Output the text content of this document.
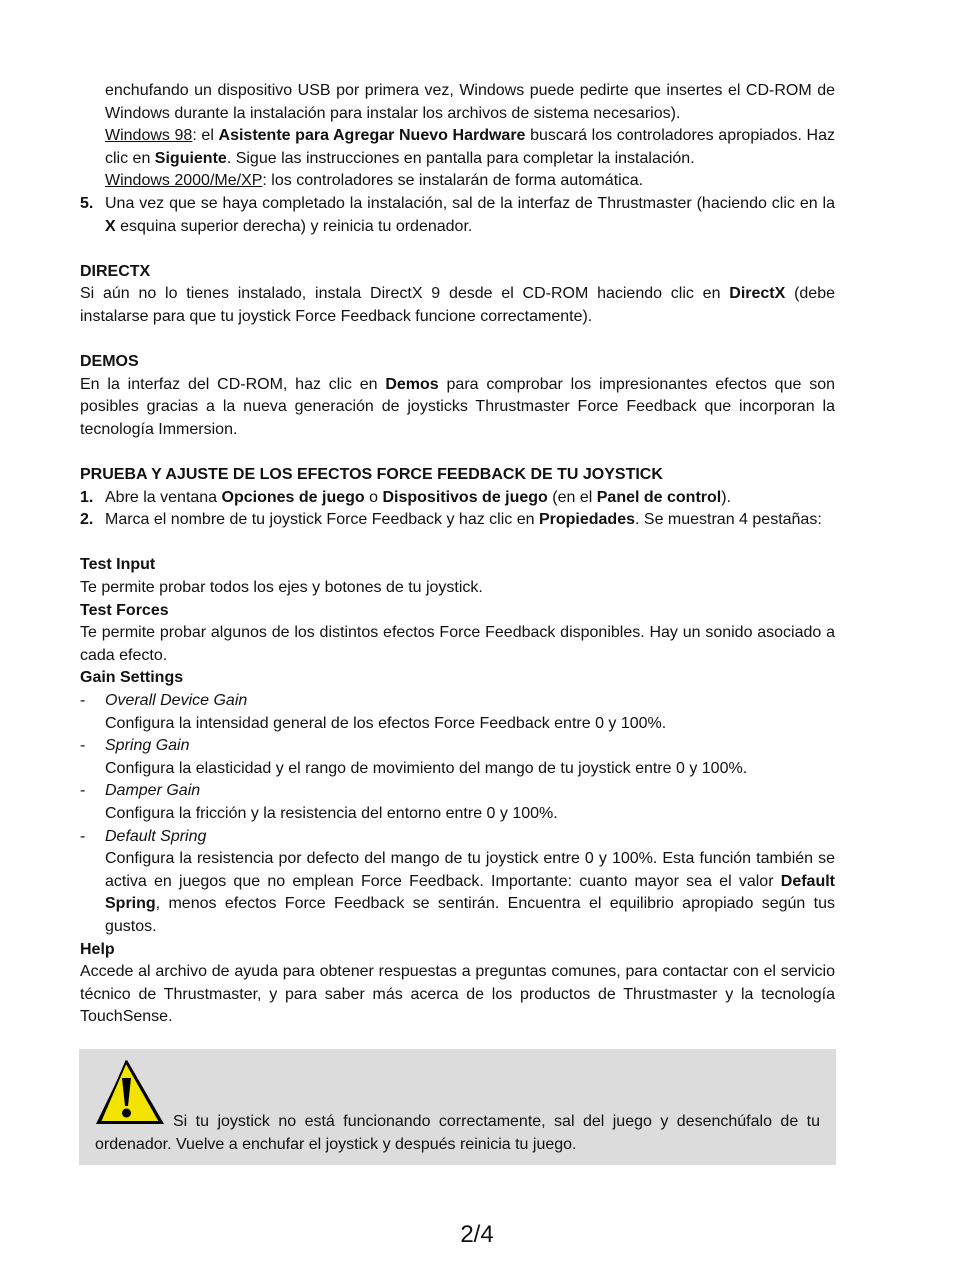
enchufando un dispositivo USB por primera vez, Windows puede pedirte que insertes el CD-ROM de Windows durante la instalación para instalar los archivos de sistema necesarios).
Windows 98: el Asistente para Agregar Nuevo Hardware buscará los controladores apropiados. Haz clic en Siguiente. Sigue las instrucciones en pantalla para completar la instalación.
Windows 2000/Me/XP: los controladores se instalarán de forma automática.
5. Una vez que se haya completado la instalación, sal de la interfaz de Thrustmaster (haciendo clic en la X esquina superior derecha) y reinicia tu ordenador.
DIRECTX
Si aún no lo tienes instalado, instala DirectX 9 desde el CD-ROM haciendo clic en DirectX (debe instalarse para que tu joystick Force Feedback funcione correctamente).
DEMOS
En la interfaz del CD-ROM, haz clic en Demos para comprobar los impresionantes efectos que son posibles gracias a la nueva generación de joysticks Thrustmaster Force Feedback que incorporan la tecnología Immersion.
PRUEBA Y AJUSTE DE LOS EFECTOS FORCE FEEDBACK DE TU JOYSTICK
1. Abre la ventana Opciones de juego o Dispositivos de juego (en el Panel de control).
2. Marca el nombre de tu joystick Force Feedback y haz clic en Propiedades. Se muestran 4 pestañas:
Test Input
Te permite probar todos los ejes y botones de tu joystick.
Test Forces
Te permite probar algunos de los distintos efectos Force Feedback disponibles. Hay un sonido asociado a cada efecto.
Gain Settings
-	Overall Device Gain
Configura la intensidad general de los efectos Force Feedback entre 0 y 100%.
-	Spring Gain
Configura la elasticidad y el rango de movimiento del mango de tu joystick entre 0 y 100%.
-	Damper Gain
Configura la fricción y la resistencia del entorno entre 0 y 100%.
-	Default Spring
Configura la resistencia por defecto del mango de tu joystick entre 0 y 100%. Esta función también se activa en juegos que no emplean Force Feedback. Importante: cuanto mayor sea el valor Default Spring, menos efectos Force Feedback se sentirán. Encuentra el equilibrio apropiado según tus gustos.
Help
Accede al archivo de ayuda para obtener respuestas a preguntas comunes, para contactar con el servicio técnico de Thrustmaster, y para saber más acerca de los productos de Thrustmaster y la tecnología TouchSense.
Si tu joystick no está funcionando correctamente, sal del juego y desenchúfalo de tu ordenador. Vuelve a enchufar el joystick y después reinicia tu juego.
2/4
